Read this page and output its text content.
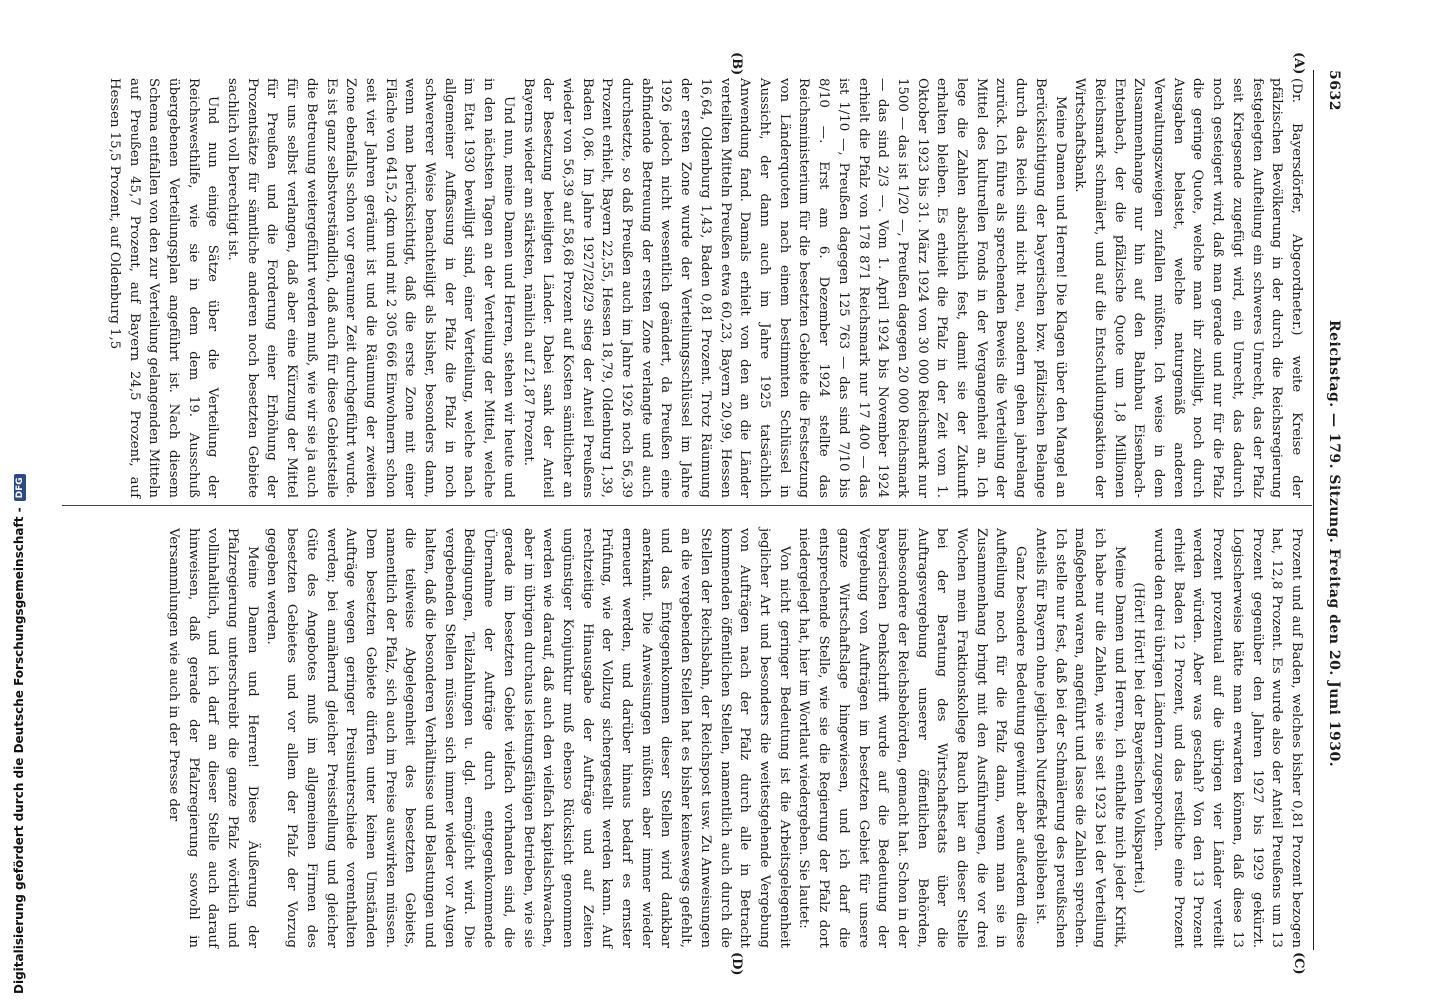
5632
Reichstag. — 179. Sitzung. Freitag den 20. Juni 1930.
(A)
(B)
(C)
(D)

(Dr. Bayersdörfer, Abgeordneter.) weite Kreise der pfälzischen Bevölkerung in der durch die Reichsregierung festgelegten Aufteilung ein schweres Unrecht, das der Pfalz seit Kriegsende zugefügt wird, ein Unrecht, das dadurch noch gesteigert wird, daß man gerade und nur für die Pfalz die geringe Quote, welche man ihr zubilligt, noch durch Ausgaben belastet, welche naturgemäß anderen Verwaltungszweigen zufallen müßten. Ich weise in dem Zusammenhange nur hin auf den Bahnbau Eisenbach-Entenbach, der die pfälzische Quote um 1,8 Millionen Reichsmark schmälert, und auf die Entschuldungsaktion der Wirtschaftsbank.

Meine Damen und Herren! Die Klagen über den Mangel an Berücksichtigung der bayerischen bzw. pfälzischen Belange durch das Reich sind nicht neu, sondern gehen jahrelang zurück. Ich führe als sprechenden Beweis die Verteilung der Mittel des kulturellen Fonds in der Vergangenheit an. Ich lege die Zahlen absichtlich fest, damit sie der Zukunft erhalten bleiben. Es erhielt die Pfalz in der Zeit vom 1. Oktober 1923 bis 31. März 1924 von 30 000 Reichsmark nur 1500 — das ist 1/20 —, Preußen dagegen 20 000 Reichsmark — das sind 2/3 —. Vom 1. April 1924 bis November 1924 erhielt die Pfalz von 178 871 Reichsmark nur 17 400 — das ist 1/10 —, Preußen dagegen 125 763 — das sind 7/10 bis 8/10 —. Erst am 6. Dezember 1924 stellte das Reichsministerium für die besetzten Gebiete die Festsetzung von Länderquoten nach einem bestimmten Schlüssel in Aussicht, der dann auch im Jahre 1925 tatsächlich Anwendung fand. Damals erhielt von den an die Länder verteilten Mitteln Preußen etwa 60,23, Bayern 20,99, Hessen 16,64, Oldenburg 1,43, Baden 0,81 Prozent. Trotz Räumung der ersten Zone wurde der Verteilungsschlüssel im Jahre 1926 jedoch nicht wesentlich geändert, da Preußen eine abfindende Betreuung der ersten Zone verlangte und auch durchsetzte, so daß Preußen auch im Jahre 1926 noch 56,39 Prozent erhielt, Bayern 22,55, Hessen 18,79, Oldenburg 1,39, Baden 0,86. Im Jahre 1927/28/29 stieg der Anteil Preußens wieder von 56,39 auf 58,68 Prozent auf Kosten sämtlicher an der Besetzung beteiligten Länder. Dabei sank der Anteil Bayerns wieder am stärksten, nämlich auf 21,87 Prozent.

Und nun, meine Damen und Herren, stehen wir heute und in den nächsten Tagen an der Verteilung der Mittel, welche im Etat 1930 bewilligt sind, einer Verteilung, welche nach allgemeiner Auffassung in der Pfalz die Pfalz in noch schwererer Weise benachteiligt als bisher, besonders dann, wenn man berücksichtigt, daß die erste Zone mit einer Fläche von 6415,2 qkm und mit 2 305 666 Einwohnern schon seit vier Jahren geräumt ist und die Räumung der zweiten Zone ebenfalls schon vor geraumer Zeit durchgeführt wurde. Es ist ganz selbstverständlich, daß auch für diese Gebietsteile die Betreuung weitergeführt werden muß, wie wir sie ja auch für uns selbst verlangen, daß aber eine Kürzung der Mittel für Preußen und die Forderung einer Erhöhung der Prozentsätze für sämtliche anderen noch besetzten Gebiete sachlich voll berechtigt ist.

Und nun einige Sätze über die Verteilung der Reichswesthilfe, wie sie in dem dem 19. Ausschuß übergebenen Verteilungsplan angeführt ist. Nach diesem Schema entfallen von den zur Verteilung gelangenden Mitteln auf Preußen 45,7 Prozent, auf Bayern 24,5 Prozent, auf Hessen 15,5 Prozent, auf Oldenburg 1,5

Prozent und auf Baden, welches bisher 0,81 Prozent bezogen hat, 12,8 Prozent. Es wurde also der Anteil Preußens um 13 Prozent gegenüber den Jahren 1927 bis 1929 gekürzt. Logischerweise hätte man erwarten können, daß diese 13 Prozent prozentual auf die übrigen vier Länder verteilt werden würden. Aber was geschah? Von den 13 Prozent erhielt Baden 12 Prozent, und das restliche eine Prozent wurde den drei übrigen Ländern zugesprochen.

(Hört! Hört! bei der Bayerischen Volkspartei.)

Meine Damen und Herren, ich enthalte mich jeder Kritik, ich habe nur die Zahlen, wie sie seit 1923 bei der Verteilung maßgebend waren, angeführt und lasse die Zahlen sprechen. Ich stelle nur fest, daß bei der Schmälerung des preußischen Anteils für Bayern ohne jeglichen Nutzeffekt geblieben ist.

Ganz besondere Bedeutung gewinnt aber außerdem diese Aufteilung noch für die Pfalz dann, wenn man sie in Zusammenhang bringt mit den Ausführungen, die vor drei Wochen mein Fraktionskollege Rauch hier an dieser Stelle bei der Beratung des Wirtschaftsetats über die Auftragsvergebung unserer öffentlichen Behörden, insbesondere der Reichsbehörden, gemacht hat. Schon in der bayerischen Denkschrift wurde auf die Bedeutung der Vergebung von Aufträgen im besetzten Gebiet für unsere ganze Wirtschaftslage hingewiesen, und ich darf die entsprechende Stelle, wie sie die Regierung der Pfalz dort niedergelegt hat, hier im Wortlaut wiedergeben. Sie lautet:

Von nicht geringer Bedeutung ist die Arbeitsgelegenheit jeglicher Art und besonders die weitestgehende Vergebung von Aufträgen nach der Pfalz durch alle in Betracht kommenden öffentlichen Stellen, namentlich auch durch die Stellen der Reichsbahn, der Reichspost usw. Zu Anweisungen an die vergebenden Stellen hat es bisher keineswegs gefehlt, und das Entgegenkommen dieser Stellen wird dankbar anerkannt. Die Anweisungen müßten aber immer wieder erneuert werden, und darüber hinaus bedarf es ernster Prüfung, wie der Vollzug sichergestellt werden kann. Auf rechtzeitige Hinausgabe der Aufträge und auf Zeiten ungünstiger Konjunktur muß ebenso Rücksicht genommen werden wie darauf, daß auch den vielfach kapitalschwachen, aber im übrigen durchaus leistungsfähigen Betrieben, wie sie gerade im besetzten Gebiet vielfach vorhanden sind, die Übernahme der Aufträge durch entgegenkommende Bedingungen, Teilzahlungen u. dgl. ermöglicht wird. Die vergebenden Stellen müssen sich immer wieder vor Augen halten, daß die besonderen Verhältnisse und Belastungen und die teilweise Abgelegenheit des besetzten Gebiets, namentlich der Pfalz, sich auch im Preise auswirken müssen. Dem besetzten Gebiete dürfen unter keinen Umständen Aufträge wegen geringer Preisunterschiede vorenthalten werden; bei annähernd gleicher Preisstellung und gleicher Güte des Angebotes muß im allgemeinen Firmen des besetzten Gebietes und vor allem der Pfalz der Vorzug gegeben werden.

Meine Damen und Herren! Diese Äußerung der Pfalzregierung unterschreibt die ganze Pfalz wörtlich und vollinhaltlich, und ich darf an dieser Stelle auch darauf hinweisen, daß gerade der Pfalzregierung sowohl in Versammlungen wie auch in der Presse der

Digitalisierung gefördert durch die Deutsche Forschungsgemeinschaft -DFG
